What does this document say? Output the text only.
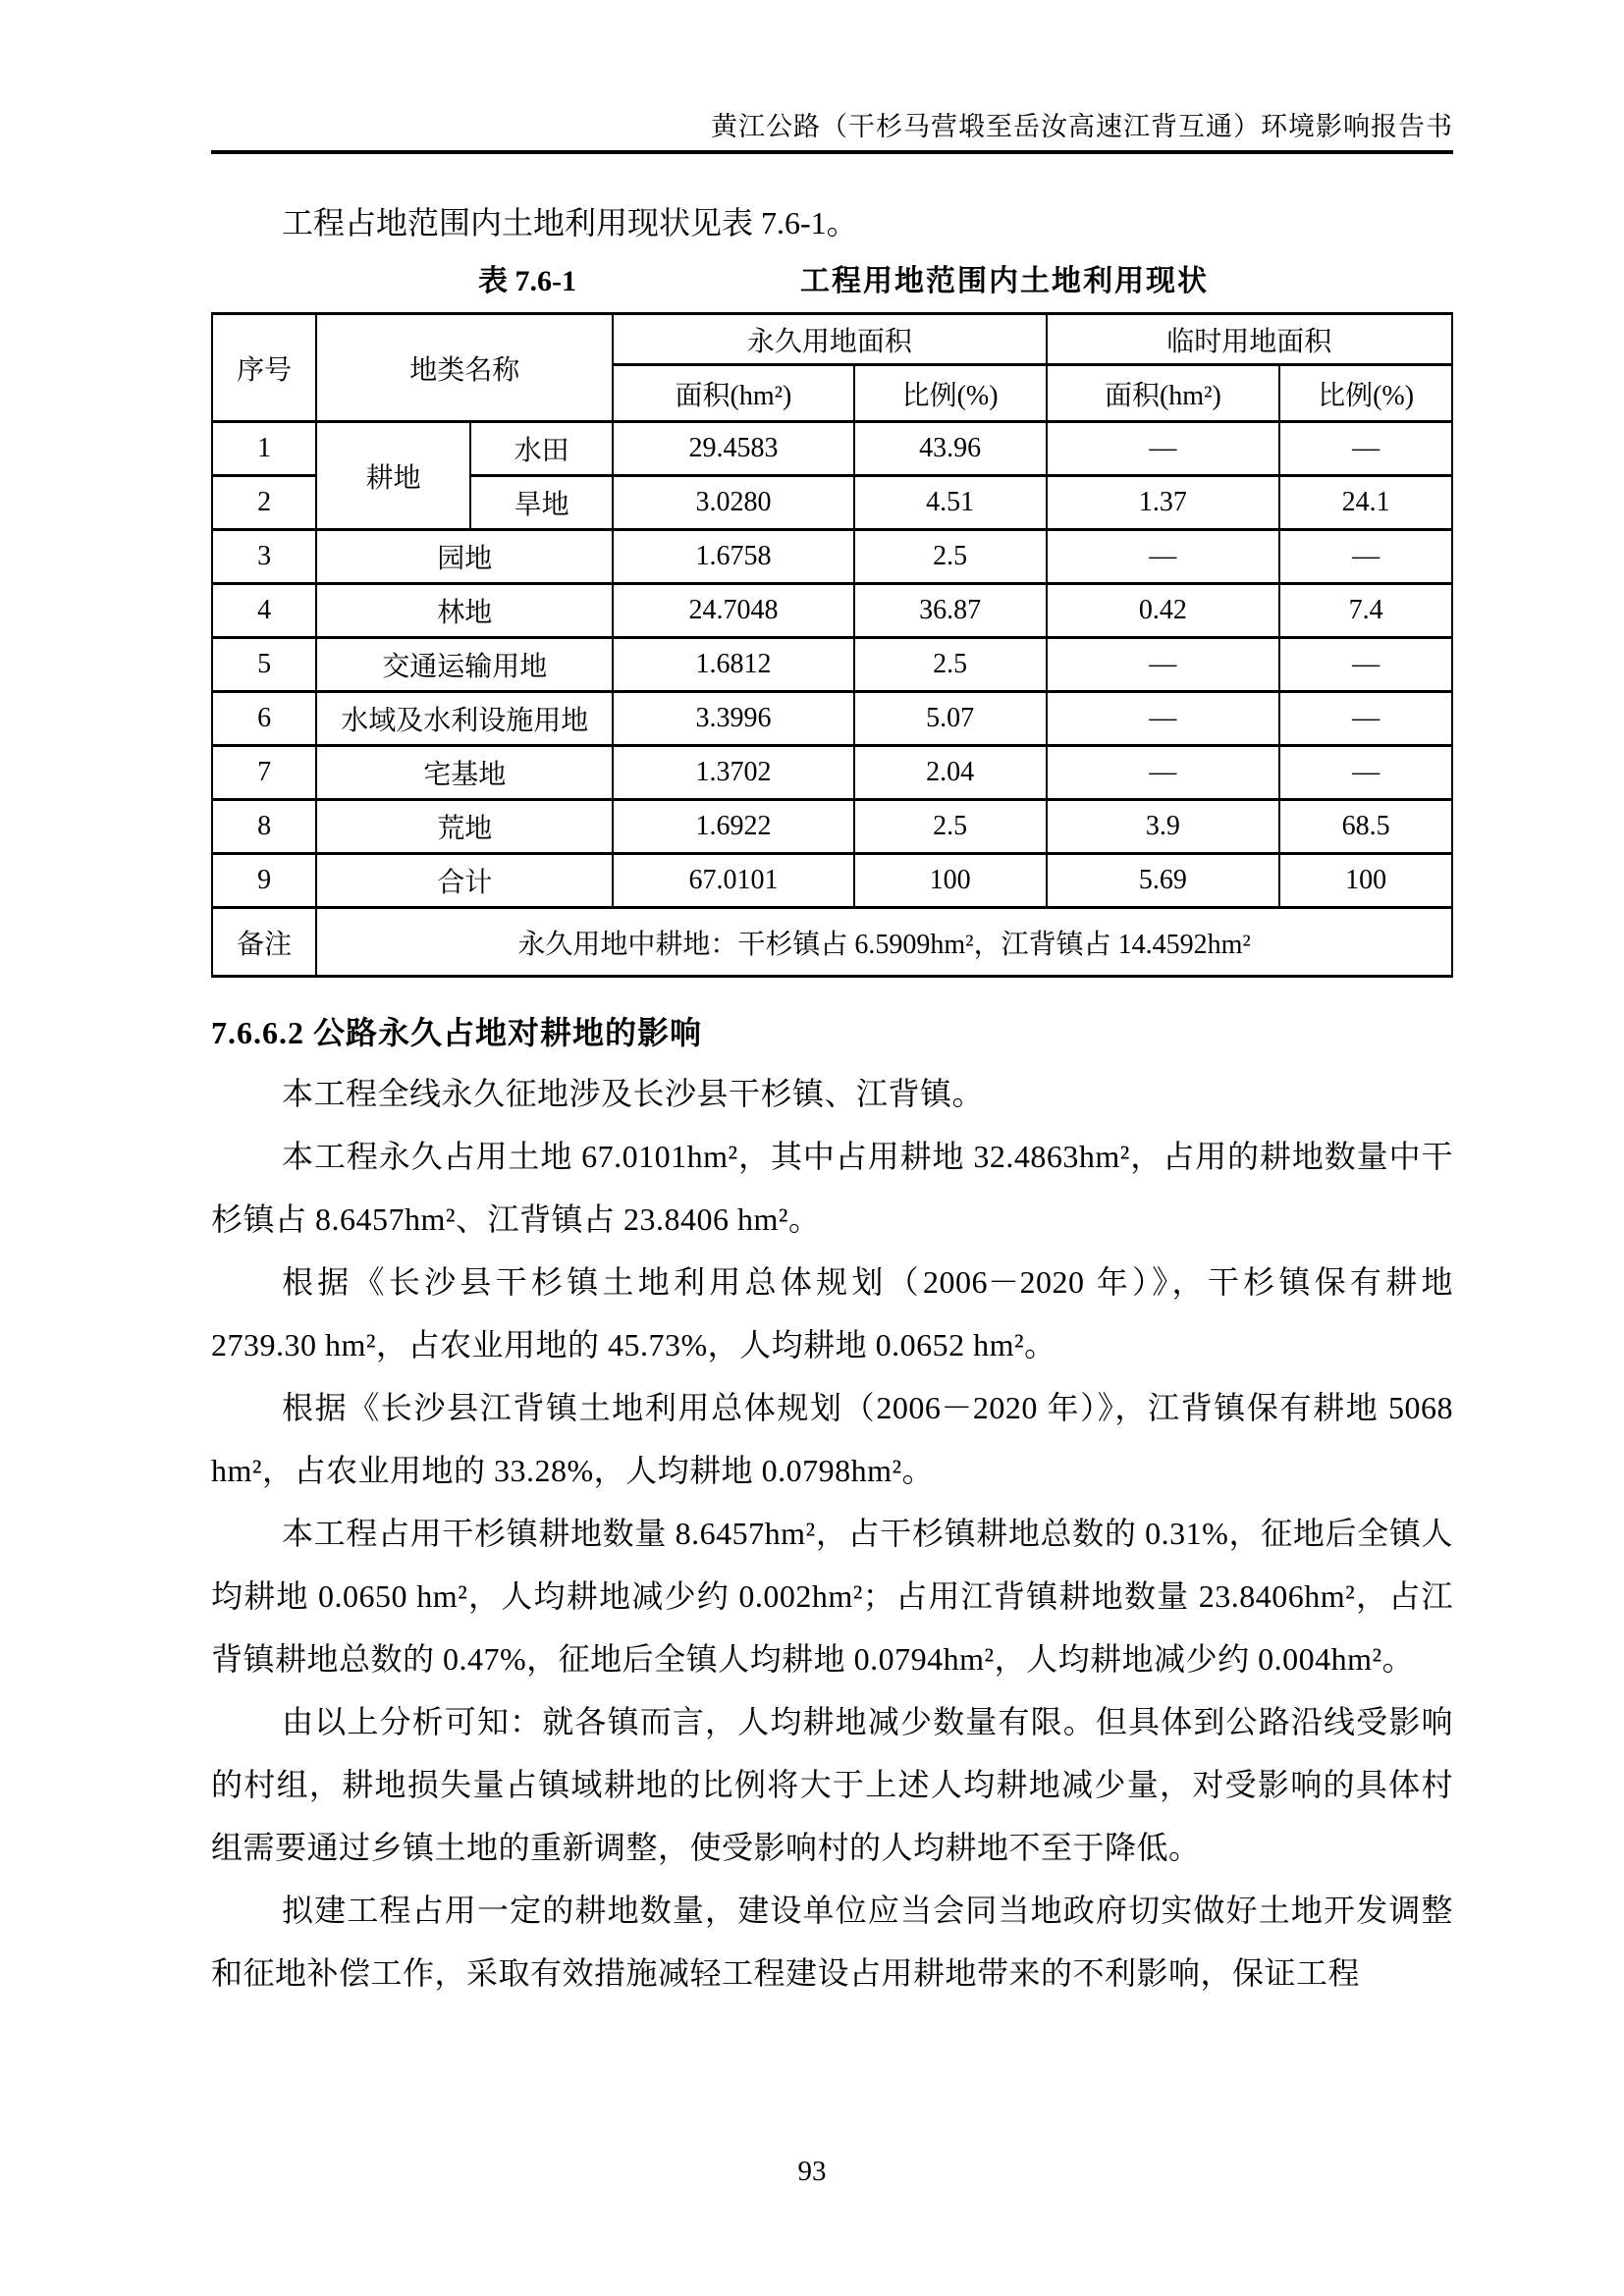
黄江公路（干杉马营塅至岳汝高速江背互通）环境影响报告书

工程占地范围内土地利用现状见表 7.6-1。

表 7.6-1	工程用地范围内土地利用现状
序号	地类名称		永久用地面积		临时用地面积	
			面积(hm²)	比例(%)	面积(hm²)	比例(%)
1	耕地	水田	29.4583	43.96	—	—
2		旱地	3.0280	4.51	1.37	24.1
3	园地		1.6758	2.5	—	—
4	林地		24.7048	36.87	0.42	7.4
5	交通运输用地		1.6812	2.5	—	—
6	水域及水利设施用地		3.3996	5.07	—	—
7	宅基地		1.3702	2.04	—	—
8	荒地		1.6922	2.5	3.9	68.5
9	合计		67.0101	100	5.69	100
备注	永久用地中耕地：干杉镇占 6.5909hm²，江背镇占 14.4592hm²					
7.6.6.2 公路永久占地对耕地的影响

本工程全线永久征地涉及长沙县干杉镇、江背镇。

本工程永久占用土地 67.0101hm²，其中占用耕地 32.4863hm²，占用的耕地数量中干杉镇占 8.6457hm²、江背镇占 23.8406 hm²。

根据《长沙县干杉镇土地利用总体规划（2006－2020 年）》，干杉镇保有耕地 2739.30 hm²，占农业用地的 45.73%，人均耕地 0.0652 hm²。

根据《长沙县江背镇土地利用总体规划（2006－2020 年）》，江背镇保有耕地 5068 hm²，占农业用地的 33.28%，人均耕地 0.0798hm²。

本工程占用干杉镇耕地数量 8.6457hm²，占干杉镇耕地总数的 0.31%，征地后全镇人均耕地 0.0650 hm²，人均耕地减少约 0.002hm²；占用江背镇耕地数量 23.8406hm²，占江背镇耕地总数的 0.47%，征地后全镇人均耕地 0.0794hm²，人均耕地减少约 0.004hm²。

由以上分析可知：就各镇而言，人均耕地减少数量有限。但具体到公路沿线受影响的村组，耕地损失量占镇域耕地的比例将大于上述人均耕地减少量，对受影响的具体村组需要通过乡镇土地的重新调整，使受影响村的人均耕地不至于降低。

拟建工程占用一定的耕地数量，建设单位应当会同当地政府切实做好土地开发调整和征地补偿工作，采取有效措施减轻工程建设占用耕地带来的不利影响，保证工程

93
